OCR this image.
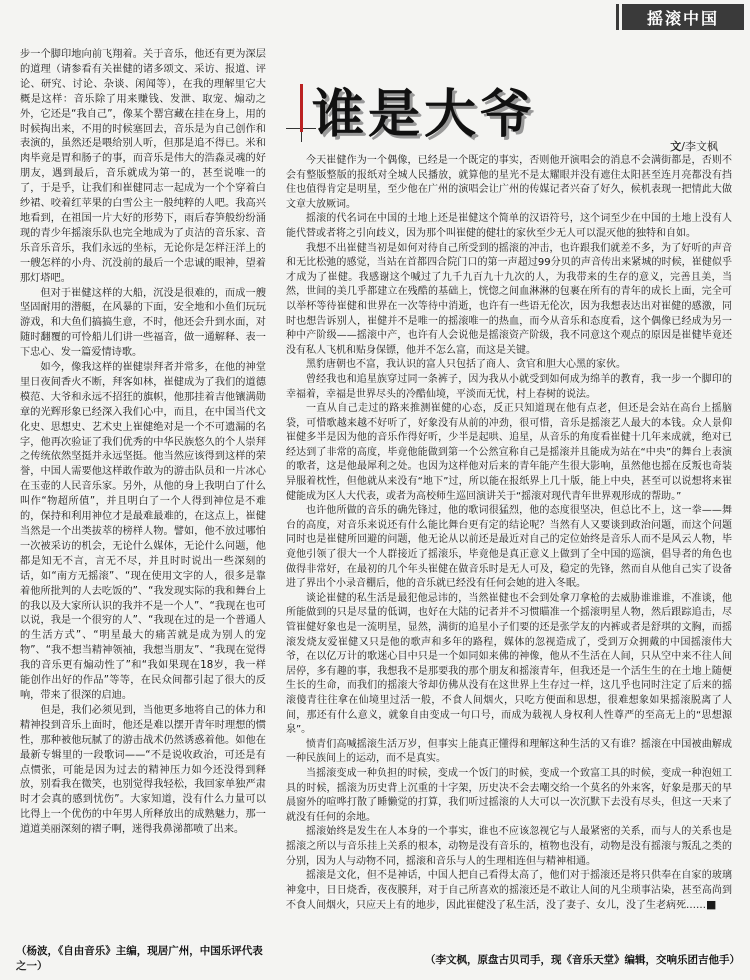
摇滚中国

步一个脚印地向前飞翔着。关于音乐，他还有更为深层的道理（请参看有关崔健的诸多颂文、采访、报道、评论、研究、讨论、杂谈、闲闻等），在我的理解里它大概是这样：音乐除了用来赚钱、发泄、取宠、煽动之外，它还是“我自己”，像某个罂宫藏在挂在身上，用的时候掏出来，不用的时候塞回去，音乐是为自己创作和表演的，虽然还是喂给别人听，但那是追不得已。米和肉毕竟是胃和肠子的事，而音乐是伟大的浩淼灵魂的好朋友，遇到最后，音乐就成为第一的，甚至说唯一的了，于是乎，让我们和崔健同志一起成为一个个穿着白纱裙、咬着红苹果的白雪公主一般纯粹的人吧。我高兴地看到，在祖国一片大好的形势下，雨后春笋般纷纷涌现的青少年摇滚乐队也完全地成为了贞洁的音乐家、音乐音乐音乐，我们永远的坐标，无论你是怎样汪洋上的一艘怎样的小舟、沉没前的最后一个忠诚的眼神，望着那灯塔吧。

但对于崔健这样的大船，沉没是很难的，而成一艘坚固耐用的潜艇，在风暴的下面，安全地和小鱼们玩玩游戏，和大鱼们搞搞生意，不时，他还会升到水面，对随时翻覆的可怜船儿们讲一些福音，做一通解释、表一下忠心、发一篇爱情诗歌。

如今，像我这样的崔健崇拜者并常多，在他的神堂里日夜间香火不断，拜客如林，崔健成为了我们的道德模范、大爷和永远不招狂的旗帜，他那挂着吉他镶满勋章的光辉形象已经深入我们心中，而且，在中国当代文化史、思想史、艺术史上崔健绝对是一个不可遗漏的名字，他再次验证了我们优秀的中华民族悠久的个人崇拜之传统依然坚挺并永远坚挺。他当然应该得到这样的荣誉，中国人需要他这样敢作敢为的游击队员和一片冰心在玉壶的人民音乐家。另外，从他的身上我明白了什么叫作“物超所值”，并且明白了一个人得到神位是不难的，保持和利用神位才是最难最难的，在这点上，崔健当然是一个出类拔萃的榜样人物。譬如，他不放过哪怕一次被采访的机会，无论什么媒体，无论什么问题，他都是知无不言，言无不尽，并且时时说出一些深刻的话，如“南方无摇滚”、“现在使用文字的人，很多是靠着他所批判的人去吃饭的”、“我发现实际的我和舞台上的我以及大家所认识的我并不是一个人”、“我现在也可以说，我是一个很穷的人”、“我现在过的是一个普通人的生活方式”、“明星最大的痛苦就是成为别人的宠物”、“我不想当精神领袖，我想当朋友”、“我现在觉得我的音乐更有煽动性了”和“我如果现在18岁，我一样能创作出好的作品”等等，在民众间都引起了很大的反响，带来了很深的启迪。

但是，我们必须见到，当他更多地将自己的体力和精神投到音乐上面时，他还是难以摆开青年时理想的惯性，那种被他玩腻了的游击战术仍然诱惑着他。如他在最新专辑里的一段歌词——“不是说收政治，可还是有点惯张，可能是因为过去的精神压力如今还没得到释放，别看我在微笑，也别觉得我轻松，我回家单独严肃时才会真的感到忧伤”。大家知道，没有什么力量可以比得上一个优伤的中年男人所释放出的成熟魅力，那一道道美丽深刻的褶子啊，迷得我鼻涕都喷了出来。

（杨波，《自由音乐》主编，现居广州，中国乐评代表之一）
谁是大爷
文/李文枫

今天崔健作为一个偶像，已经是一个既定的事实，否则他开演唱会的消息不会满街都是，否则不会有整版整版的报纸对全城人民播放，就算他的星光不是太耀眼并没有遮住太阳甚至连月亮都没有挡住也值得肯定是明星，至少他在广州的演唱会让广州的传媒记者兴奋了好久，候机表现一把情此大做文章大放厥词。

摇滚的代名词在中国的土地上还是崔健这个简单的汉语符号，这个词至少在中国的土地上没有人能代替或者将之引向歧义，因为那个叫崔健的健壮的家伙至少无人可以混灭他的独特和自如。

我想不出崔健当初是如何对待自己所受到的摇滚的冲击，也许跟我们就差不多，为了好听的声音和无比松弛的感觉，当站在首都四合院门口的第一声超过99分贝的声音传出来紧城的时候，崔健似乎才成为了崔健。我感谢这个喊过了九千九百九十九次的人，为我带来的生存的意义，完善且美，当然，世间的美几乎都建立在残酷的基础上，恍惚之间血淋淋的包裹在所有的青年的成长上面，完全可以举杯等待崔健和世界在一次等待中消逝，也许有一些语无伦次，因为我想表达出对崔健的感激，同时也想告诉别人，崔健并不是唯一的摇滚唯一的热血，而今从音乐和态度看，这个偶像已经成为另一种中产阶级——摇滚中产，也许有人会说他是摇滚资产阶级，我不同意这个观点的原因是崔健毕竟还没有私人飞机和贴身保镖，他并不怎么富，而这是关键。

黑豹唐朝也不富，我认识的富人只包括了商人、贪官和胆大心黑的家伙。

曾经我也和追星族穿过同一条裤子，因为我从小就受到如何成为绵羊的教育，我一步一个脚印的幸福着，幸福是世界尽头的冷酷仙境，平淡而无忧，村上春树的说法。

一直从自己走过的路来推测崔健的心态，反正只知道现在他有点老，但还是会站在高台上摇脑袋，可惜歌越来越不好听了，好象没有从前的冲劲，很可惜，音乐是摇滚艺人最大的本钱。众人景仰崔健多半是因为他的音乐作得好听，少半是起哄、追星，从音乐的角度看崔健十几年来成就，绝对已经达到了非常的高度，毕竟他能做到第一个公然宣称自己是摇滚并且能成为站在“中央”的舞台上表演的歌者，这是他最犀利之处。也因为这样他对后来的青年能产生很大影响，虽然他也摇在反叛也奇装异服着枕性，但他就从来没有“地下”过，所以能在报纸界上几十版，能上中央，甚至可以说想将来崔健能成为区人大代表，或者为高校师生巡回演讲关于“摇滚对现代青年世界观形成的帮助。”

也许他所做的音乐的确先锋过，他的歌词很猛烈，他的态度很坚决，但总比不上，这一拳——舞台的高度，对音乐来说还有什么能比舞台更有定的结论呢？当然有人又要谈到政治问题，而这个问题同时也是崔健所回避的问题，他无论从以前还是最近对自己的定位始终是音乐人而不是风云人物，毕竟他引领了很大一个人群接近了摇滚乐，毕竟他是真正意义上做到了全中国的巡演，倡导者的角色也做得非常好，在最初的几个年头崔健在做音乐时是无人可及，稳定的先锋，然而自从他自己实了设备进了界出个小录音棚后，他的音乐就已经没有任何会她的进入冬眠。

谈论崔健的私生活是最犯他忌讳的，当然崔健也不会到处拿刀拿枪的去威胁谁谁谁，不准谈，他所能做到的只是尽量的低调，也好在大陆的记者并不习惯瞄准一个摇滚明星人物，然后跟踪追击，尽管崔健好象也是一流明星，显然，满街的追星小子们要的还是张学友的内裤或者是舒琪的文胸，而摇滚发烧友爱崔健又只是他的歌声和多年的路程，媒体的忽视造成了，受到万众拥戴的中国摇滚伟大爷，在以亿万计的歌迷心目中只是一个如同如来佛的神像，他从不生活在人间，只从空中来不往人间居停，多有趣的事，我想我不是那要我的那个朋友和摇滚青年，但我还是一个活生生的在土地上随便生长的生命，而我们的摇滚大爷却仿佛从没有在这世界上生存过一样，这几乎也同时注定了后来的摇滚傻青往往拿在仙境里过活一般，不食人间烟火，只吃方便面和思想，很难想象如果摇滚脱离了人间，那还有什么意义，就象自由变成一句口号，而成为载视人身权利人性尊严的至高无上的“思想源泉”。

愤青们高喊摇滚生活万岁，但事实上能真正懂得和理解这种生活的又有谁？摇滚在中国被曲解成一种民族间上的运动，而不是真实。

当摇滚变成一种负担的时候，变成一个饭门的时候，变成一个致富工具的时候，变成一种泡妞工具的时候，摇滚为历史背上沉重的十字架，历史决不会去嘲交给一个莫名的外来客，好象是那天的早晨窗外的喧哗打散了睡懒觉的打算，我们听过摇滚的人大可以一次沉默下去没有尽头，但这一天来了就没有任何的余地。

摇滚始终是发生在人本身的一个事实，谁也不应该忽视它与人最紧密的关系，而与人的关系也是摇滚之所以与音乐挂上关系的根本，动物是没有音乐的，植物也没有，动物是没有摇滚与叛乱之类的分别，因为人与动物不同，摇滚和音乐与人的生理相连但与精神相通。

摇滚是文化，但不是神话，中国人把自己看得太高了，他们对于摇滚还是将只供奉在自家的玻璃神龛中，日日烧香，夜夜膜拜，对于自己所喜欢的摇滚还是不敢让人间的凡尘琐事沾染，甚至高尚到不食人间烟火，只应天上有的地步，因此崔健没了私生活，没了妻子、女儿，没了生老病死……■

（李文枫，原盘古贝司手，现《音乐天堂》编辑，交响乐团吉他手）
